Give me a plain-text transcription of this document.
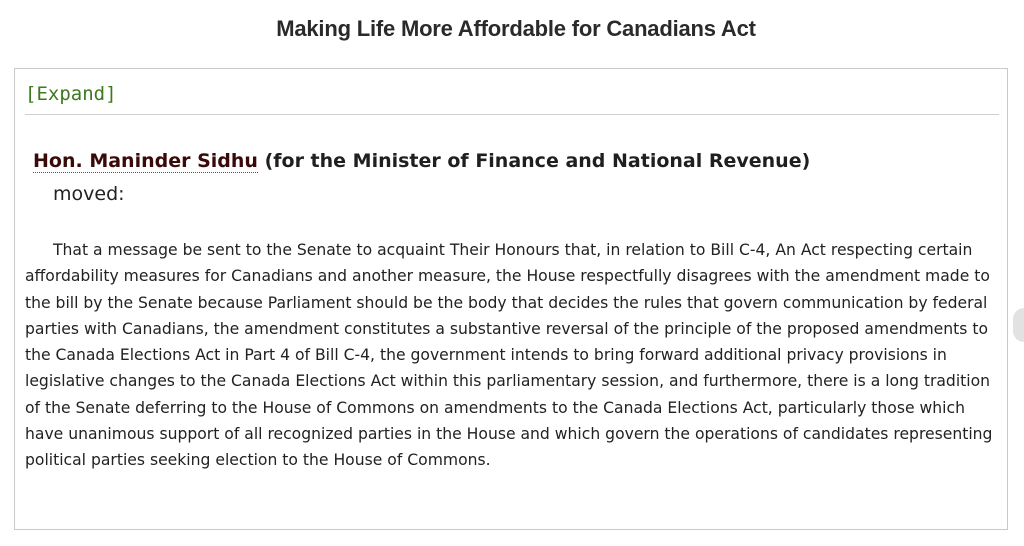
Making Life More Affordable for Canadians Act
[Expand]
Hon. Maninder Sidhu (for the Minister of Finance and National Revenue)
moved:

That a message be sent to the Senate to acquaint Their Honours that, in relation to Bill C-4, An Act respecting certain affordability measures for Canadians and another measure, the House respectfully disagrees with the amendment made to the bill by the Senate because Parliament should be the body that decides the rules that govern communication by federal parties with Canadians, the amendment constitutes a substantive reversal of the principle of the proposed amendments to the Canada Elections Act in Part 4 of Bill C-4, the government intends to bring forward additional privacy provisions in legislative changes to the Canada Elections Act within this parliamentary session, and furthermore, there is a long tradition of the Senate deferring to the House of Commons on amendments to the Canada Elections Act, particularly those which have unanimous support of all recognized parties in the House and which govern the operations of candidates representing political parties seeking election to the House of Commons.
